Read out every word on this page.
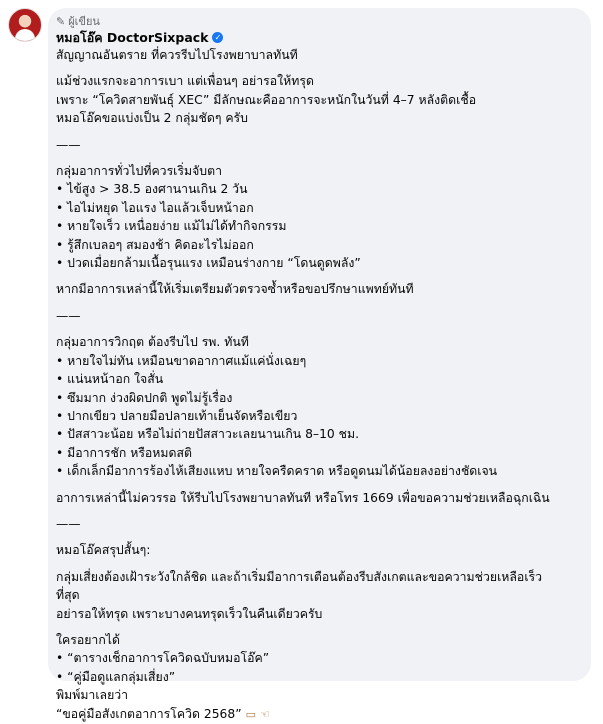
✎ ผู้เขียน
หมอโอ๊ค DoctorSixpack ✓
สัญญาณอันตราย ที่ควรรีบไปโรงพยาบาลทันที
แม้ช่วงแรกจะอาการเบา แต่เพื่อนๆ อย่ารอให้ทรุด
เพราะ “โควิดสายพันธุ์ XEC” มีลักษณะคืออาการจะหนักในวันที่ 4–7 หลังติดเชื้อ
หมอโอ๊คขอแบ่งเป็น 2 กลุ่มชัดๆ ครับ
——
กลุ่มอาการทั่วไปที่ควรเริ่มจับตา
• ไข้สูง > 38.5 องศานานเกิน 2 วัน
• ไอไม่หยุด ไอแรง ไอแล้วเจ็บหน้าอก
• หายใจเร็ว เหนื่อยง่าย แม้ไม่ได้ทำกิจกรรม
• รู้สึกเบลอๆ สมองช้า คิดอะไรไม่ออก
• ปวดเมื่อยกล้ามเนื้อรุนแรง เหมือนร่างกาย “โดนดูดพลัง”
หากมีอาการเหล่านี้ให้เริ่มเตรียมตัวตรวจซ้ำหรือขอปรึกษาแพทย์ทันที
——
กลุ่มอาการวิกฤต ต้องรีบไป รพ. ทันที
• หายใจไม่ทัน เหมือนขาดอากาศแม้แค่นั่งเฉยๆ
• แน่นหน้าอก ใจสั่น
• ซึมมาก ง่วงผิดปกติ พูดไม่รู้เรื่อง
• ปากเขียว ปลายมือปลายเท้าเย็นจัดหรือเขียว
• ปัสสาวะน้อย หรือไม่ถ่ายปัสสาวะเลยนานเกิน 8–10 ชม.
• มีอาการชัก หรือหมดสติ
• เด็กเล็กมีอาการร้องไห้เสียงแหบ หายใจครืดคราด หรือดูดนมได้น้อยลงอย่างชัดเจน
อาการเหล่านี้ไม่ควรรอ ให้รีบไปโรงพยาบาลทันที หรือโทร 1669 เพื่อขอความช่วยเหลือฉุกเฉิน
——
หมอโอ๊คสรุปสั้นๆ:
กลุ่มเสี่ยงต้องเฝ้าระวังใกล้ชิด และถ้าเริ่มมีอาการเตือนต้องรีบสังเกตและขอความช่วยเหลือเร็ว
ที่สุด
อย่ารอให้ทรุด เพราะบางคนทรุดเร็วในคืนเดียวครับ
ใครอยากได้
• “ตารางเช็กอาการโควิดฉบับหมอโอ๊ค”
• “คู่มือดูแลกลุ่มเสี่ยง”
พิมพ์มาเลยว่า
“ขอคู่มือสังเกตอาการโควิด 2568” ▭ ☜
